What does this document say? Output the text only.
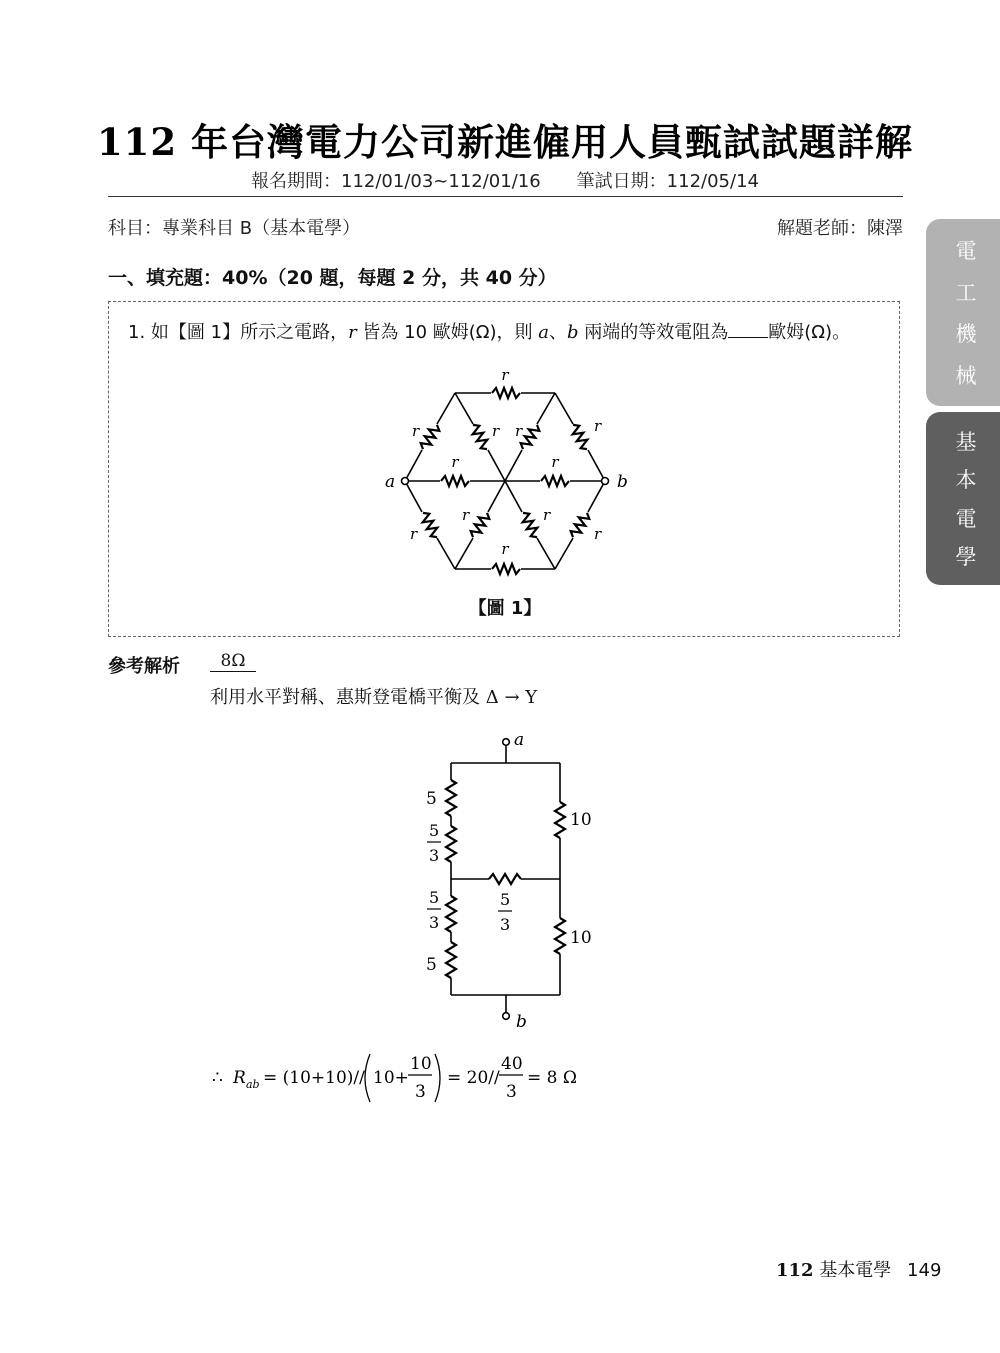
112 年台灣電力公司新進僱用人員甄試試題詳解
報名期間：112/01/03~112/01/16　　筆試日期：112/05/14
科目：專業科目 B（基本電學）	解題老師：陳澤
一、填充題：40%（20 題，每題 2 分，共 40 分）
1. 如【圖 1】所示之電路，r 皆為 10 歐姆(Ω)，則 a、b 兩端的等效電阻為 歐姆(Ω)。
r
r	r r	r
r	r
r	r
r	r
r
a	b
【圖 1】
參考解析	8Ω
利用水平對稱、惠斯登電橋平衡及 Δ → Y
a
b
5
5
3
5
3
5
5
3
10
10
∴ R ab = (10+10)// 10+
10
3
= 20//
40
3
= 8 Ω
電
工
機
械
基
本
電
學
112 基本電學 149
